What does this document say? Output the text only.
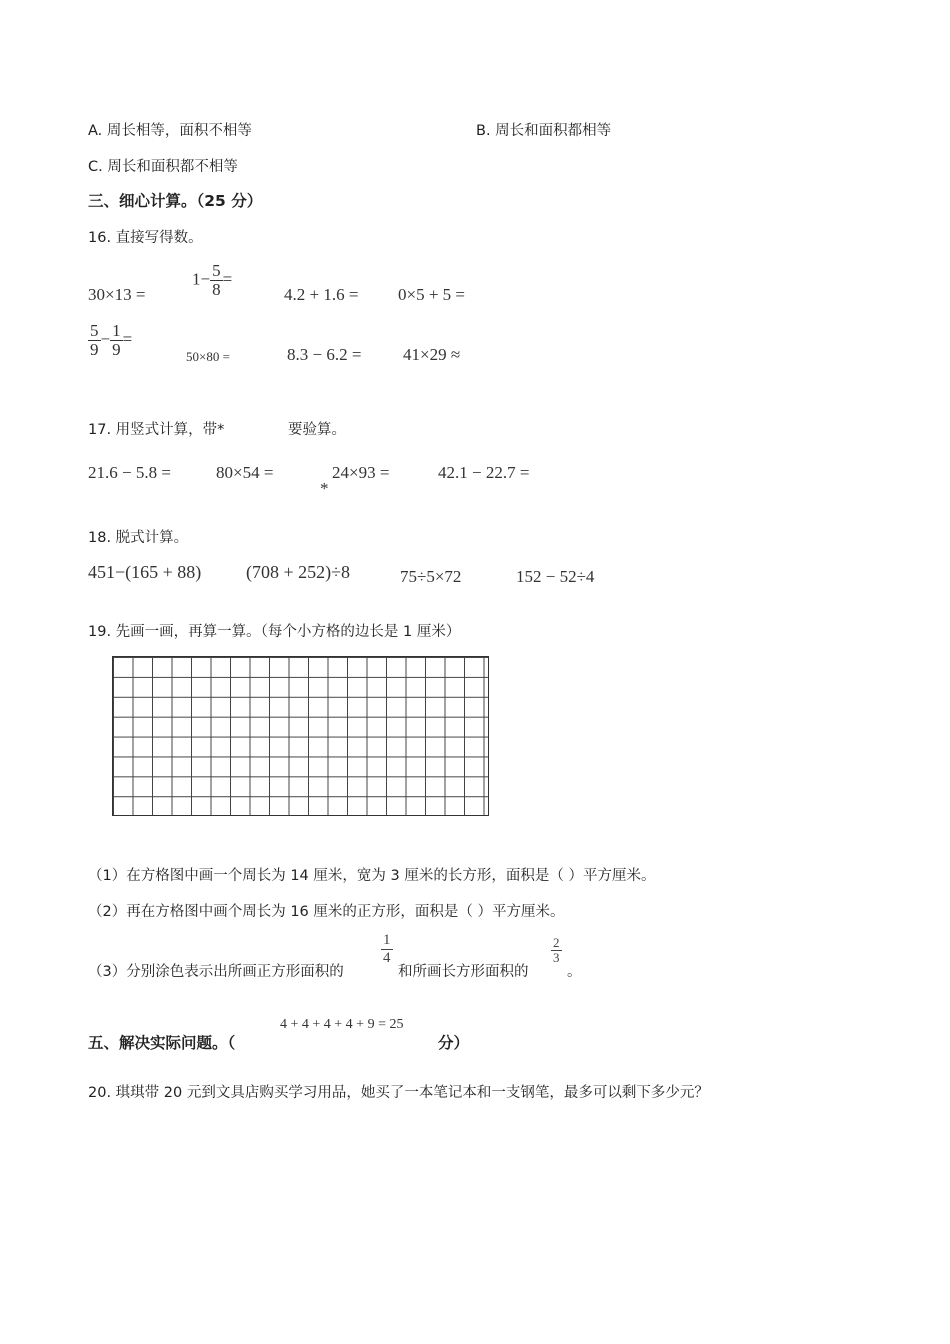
A. 周长相等，面积不相等	B. 周长和面积都相等
C. 周长和面积都不相等
三、细心计算。（25 分）
16. 直接写得数。
30×13 =
$1- \frac{5}{8}$ =
4.2 + 1.6 = 0×5 + 5 =
$\frac{5}{9} - \frac{1}{9}$ =
50×80 =	8.3 − 6.2 = 41×29 ≈
17. 用竖式计算，带*	要验算。
21.6 − 5.8 =	80×54 =	24×93 =
*
42.1 − 22.7 =
18. 脱式计算。
451−(165 + 88) (708 + 252)÷8	75÷5×72	152 − 52÷4
19. 先画一画，再算一算。（每个小方格的边长是 1 厘米）
（1）在方格图中画一个周长为 14 厘米，宽为 3 厘米的长方形，面积是（ ）平方厘米。
（2）再在方格图中画个周长为 16 厘米的正方形，面积是（ ）平方厘米。
（3）分别涂色表示出所画正方形面积的
1
4
和所画长方形面积的
2
3
。
五、解决实际问题。（
4 + 4 + 4 + 4 + 9 = 25
分）
20. 琪琪带 20 元到文具店购买学习用品，她买了一本笔记本和一支钢笔，最多可以剩下多少元？
